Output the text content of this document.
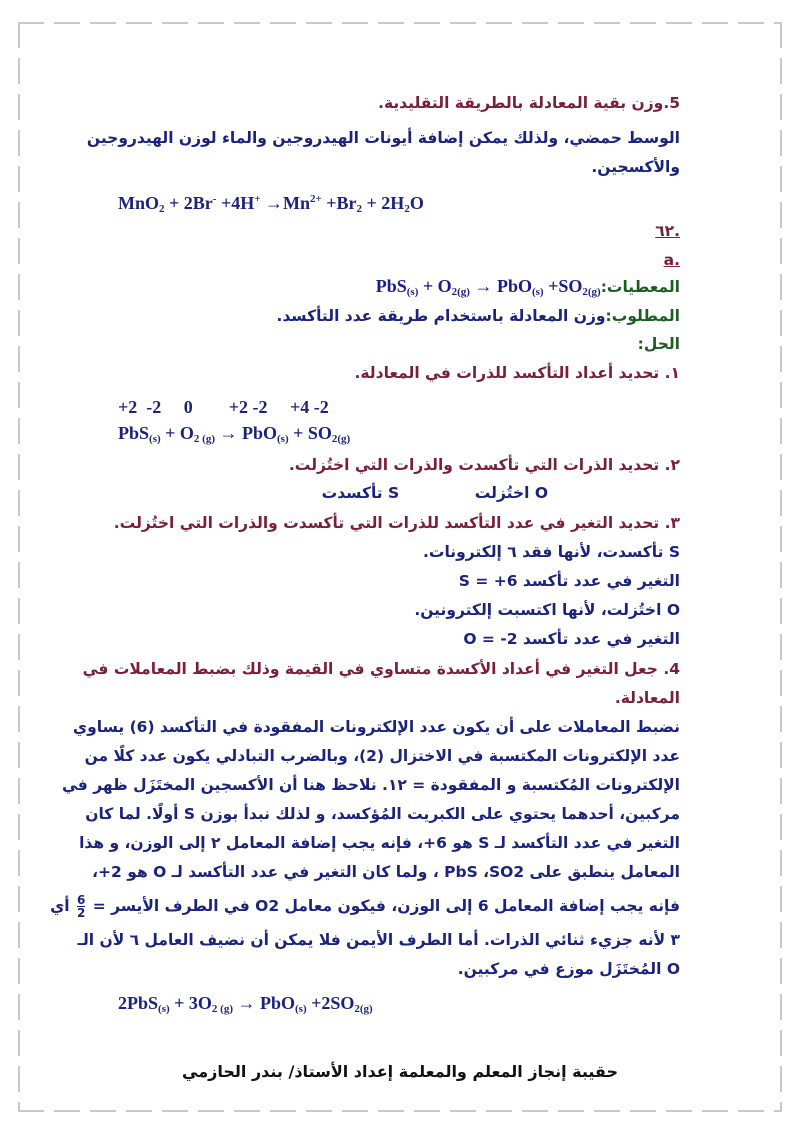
5.وزن بقية المعادلة بالطريقة التقليدية.
الوسط حمضي، ولذلك يمكن إضافة أيونات الهيدروجين والماء لوزن الهيدروجين
والأكسجين.
$MnO_2 + 2Br^- +4H^+ \to Mn^{2+} +Br_2 + 2H_2O$
.٦٢
.a
المعطيات:PbS$_{(s)}$ + $O_{2(g)} \to PbO_{(s)} +SO_{2(g)}$
المطلوب:وزن المعادلة باستخدام طريقة عدد التأكسد.
الحل:
١. تحديد أعداد التأكسد للذرات في المعادلة.
+2  -2     0        +2 -2     +4 -2
$PbS_{(s)} + O_{2 (g)} \to PbO_{(s)} + SO_{2(g)}$
٢. تحديد الذرات التي تأكسدت والذرات التي اختُزلت.
O اختُزلت              S تأكسدت
٣. تحديد التغير في عدد التأكسد للذرات التي تأكسدت والذرات التي اختُزلت.
S تأكسدت، لأنها فقد ٦ إلكترونات.
التغير في عدد تأكسد S = +6
O اختُزلت، لأنها اكتسبت إلكترونين.
التغير في عدد تأكسد O = -2
4. جعل التغير في أعداد الأكسدة متساوي في القيمة وذلك بضبط المعاملات في
المعادلة.
نضبط المعاملات على أن يكون عدد الإلكترونات المفقودة في التأكسد (6) يساوي
عدد الإلكترونات المكتسبة في الاختزال (2)، وبالضرب التبادلي يكون عدد كلًا من
الإلكترونات المُكتسبة و المفقودة = ١٢. نلاحظ هنا أن الأكسجين المختَزَل ظهر في
مركبين، أحدهما يحتوي على الكبريت المُؤكسد، و لذلك نبدأ بوزن S أولًا. لما كان
التغير في عدد التأكسد لـ S هو 6+، فإنه يجب إضافة المعامل ٢ إلى الوزن، و هذا
المعامل ينطبق على PbS ،SO2 ، ولما كان التغير في عدد التأكسد لـ O هو 2+،
فإنه يجب إضافة المعامل 6 إلى الوزن، فيكون معامل O2 في الطرف الأيسر =
$\frac{6}{2}$
أي
٣ لأنه جزيء ثنائي الذرات. أما الطرف الأيمن فلا يمكن أن نضيف العامل ٦ لأن الـ
O المُختَزَل موزع في مركبين.
$2PbS_{(s)} + 3O_{2 (g)} \to PbO_{(s)} +2SO_{2(g)}$
حقيبة إنجاز المعلم والمعلمة إعداد الأستاذ/ بندر الحازمي
